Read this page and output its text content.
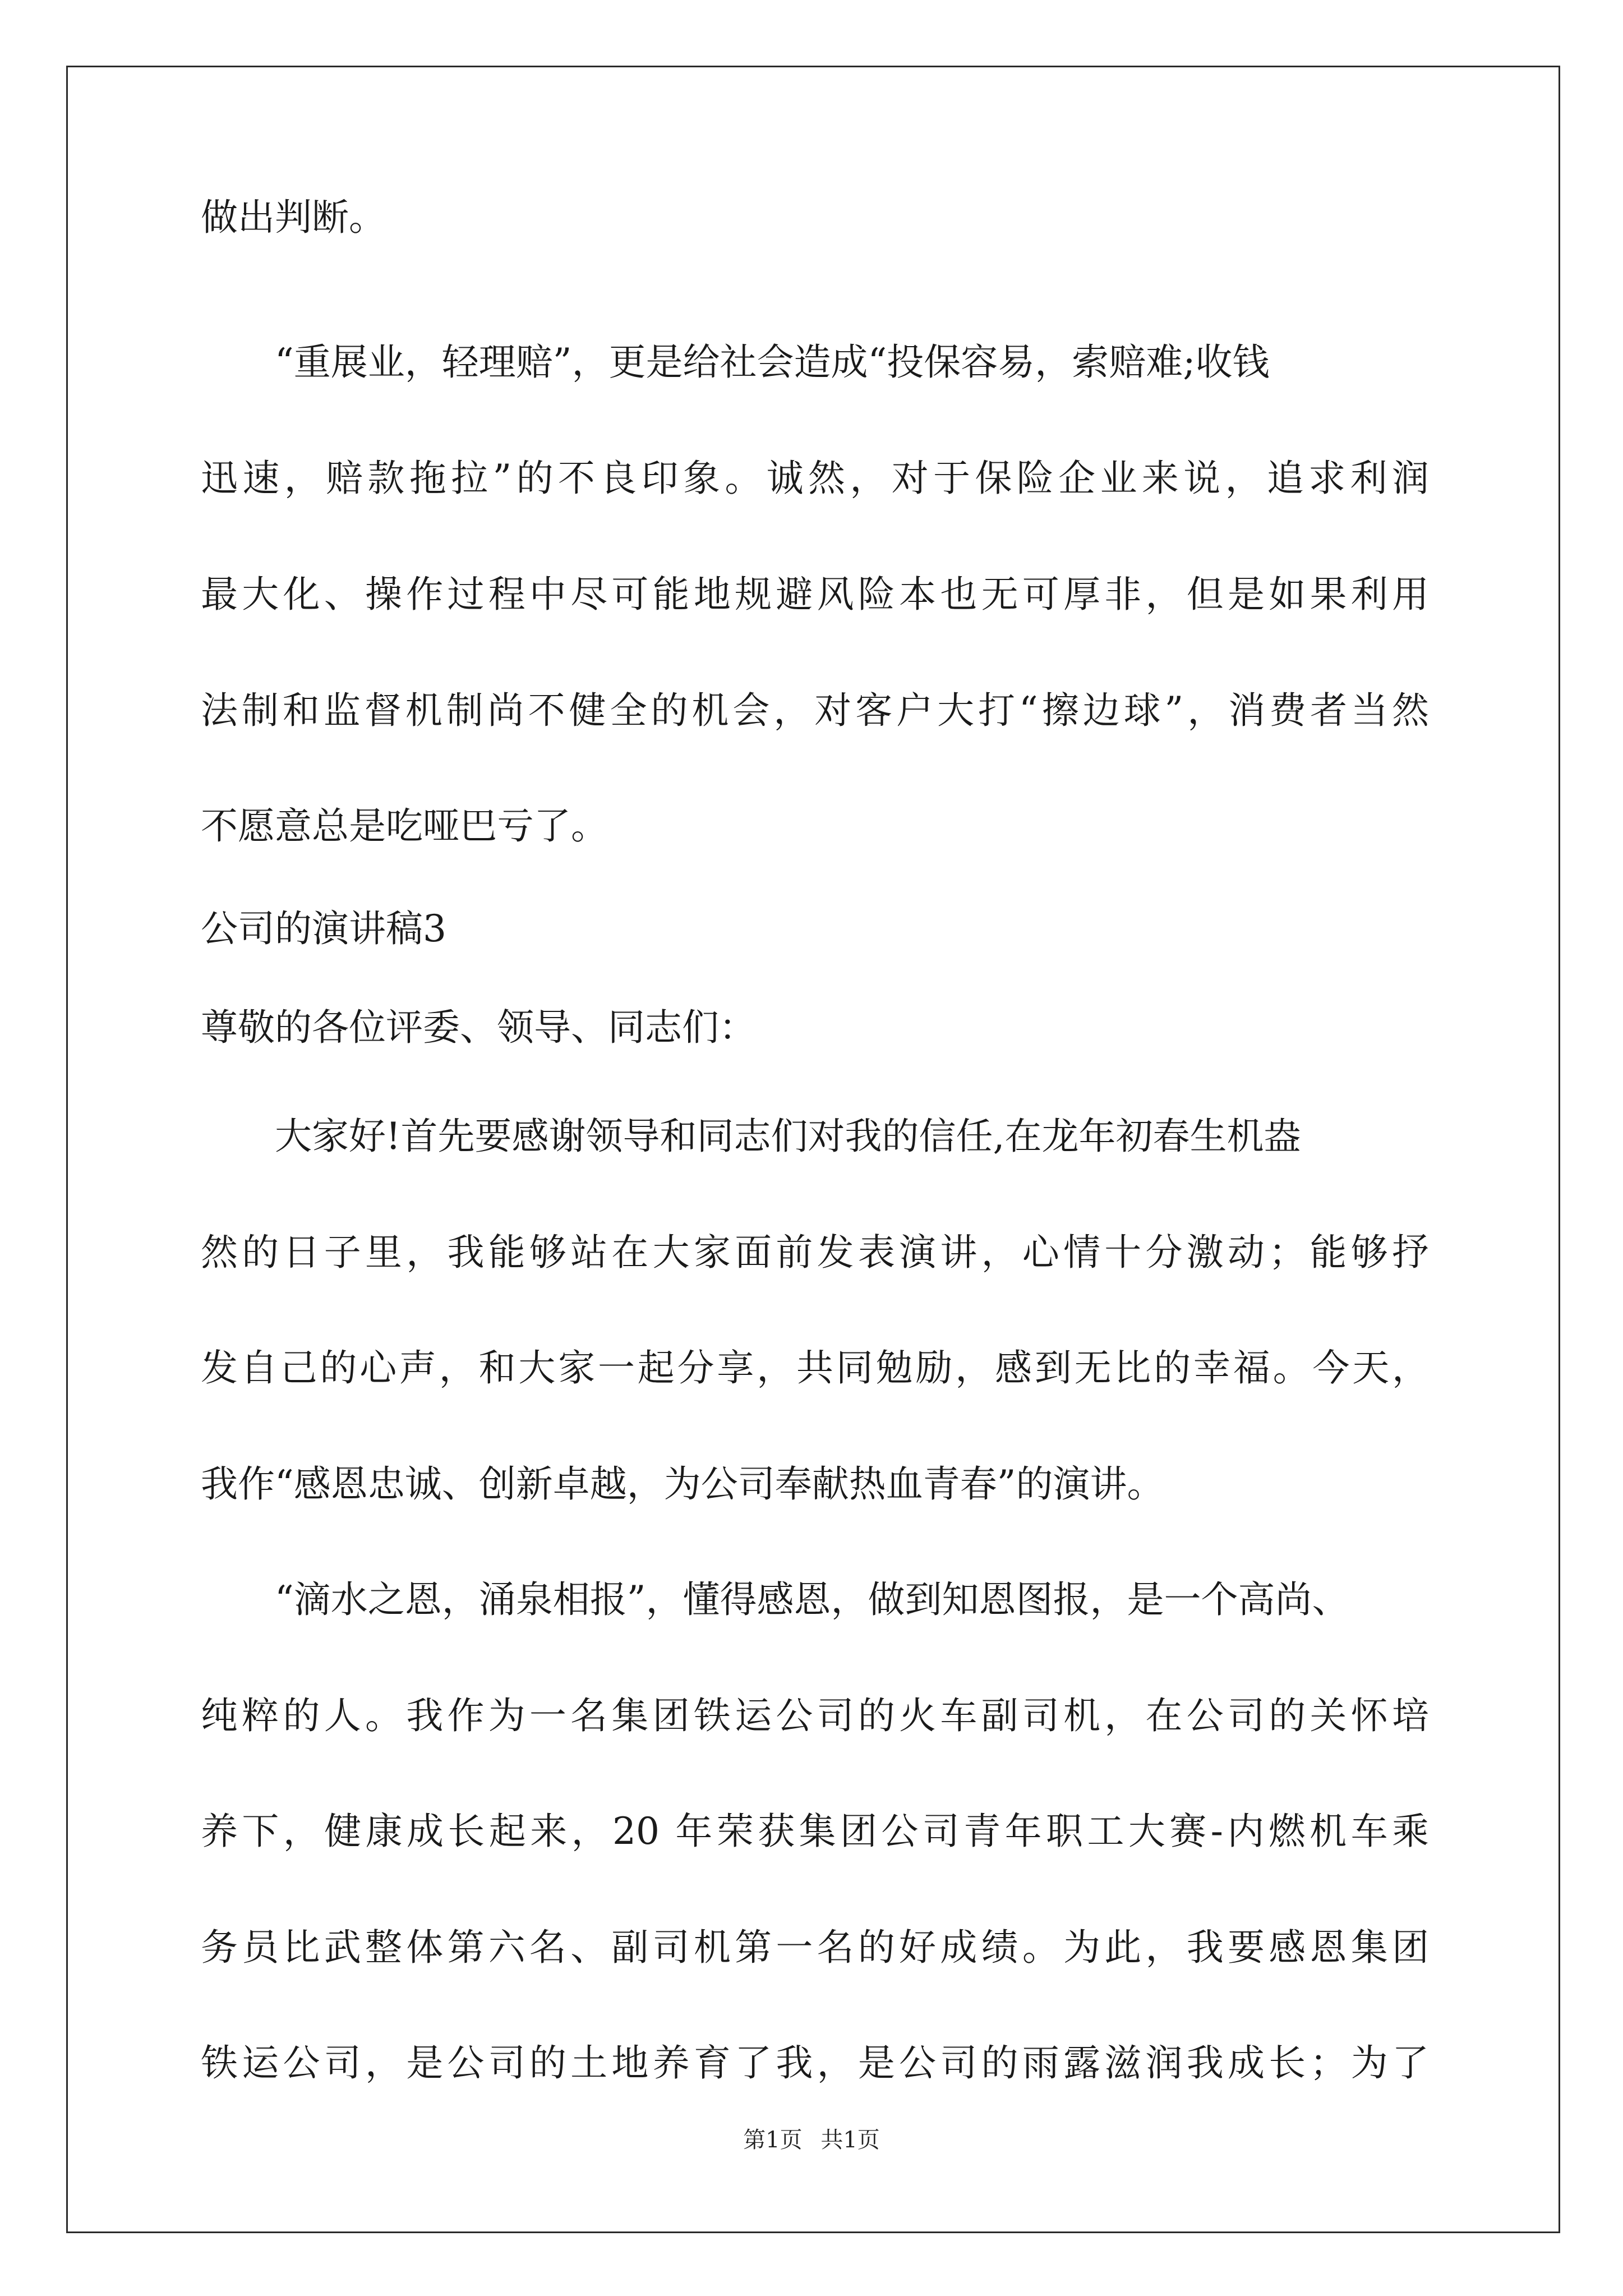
做出判断。

“重展业，轻理赔”，更是给社会造成“投保容易，索赔难;收钱

迅速，赔款拖拉”的不良印象。诚然，对于保险企业来说，追求利润

最大化、操作过程中尽可能地规避风险本也无可厚非，但是如果利用

法制和监督机制尚不健全的机会，对客户大打“擦边球”，消费者当然

不愿意总是吃哑巴亏了。

公司的演讲稿3

尊敬的各位评委、领导、同志们：

大家好!首先要感谢领导和同志们对我的信任,在龙年初春生机盎

然的日子里，我能够站在大家面前发表演讲，心情十分激动；能够抒

发自己的心声，和大家一起分享，共同勉励，感到无比的幸福。今天，

我作“感恩忠诚、创新卓越，为公司奉献热血青春”的演讲。

“滴水之恩，涌泉相报”，懂得感恩，做到知恩图报，是一个高尚、

纯粹的人。我作为一名集团铁运公司的火车副司机，在公司的关怀培

养下，健康成长起来，20 年荣获集团公司青年职工大赛-内燃机车乘

务员比武整体第六名、副司机第一名的好成绩。为此，我要感恩集团

铁运公司，是公司的土地养育了我，是公司的雨露滋润我成长；为了

第1页 共1页
